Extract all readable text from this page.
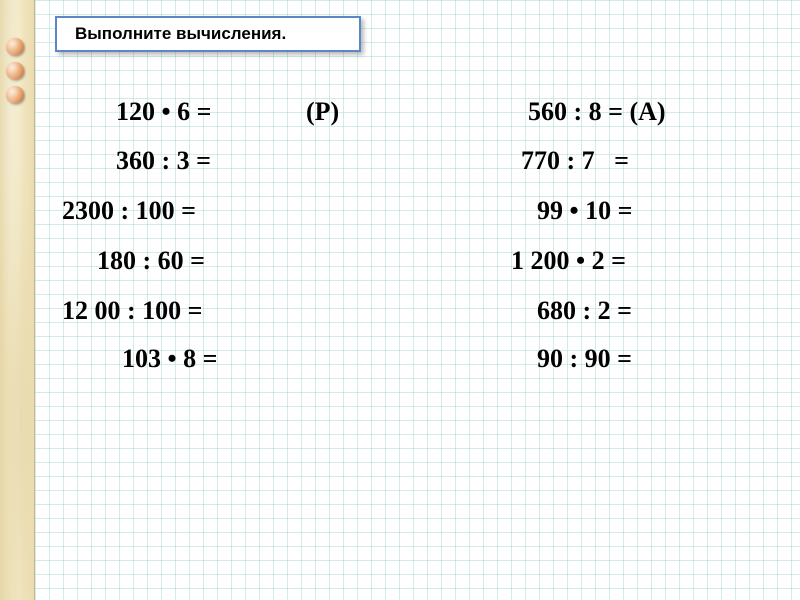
Выполните вычисления.
120 • 6 =	(Р)
360 : 3 =
2300 : 100 =
180 : 60 =
12 00 : 100 =
103 • 8 =
560 : 8 = (А)
770 : 7   =
99 • 10 =
1 200 • 2 =
680 : 2 =
90 : 90 =
